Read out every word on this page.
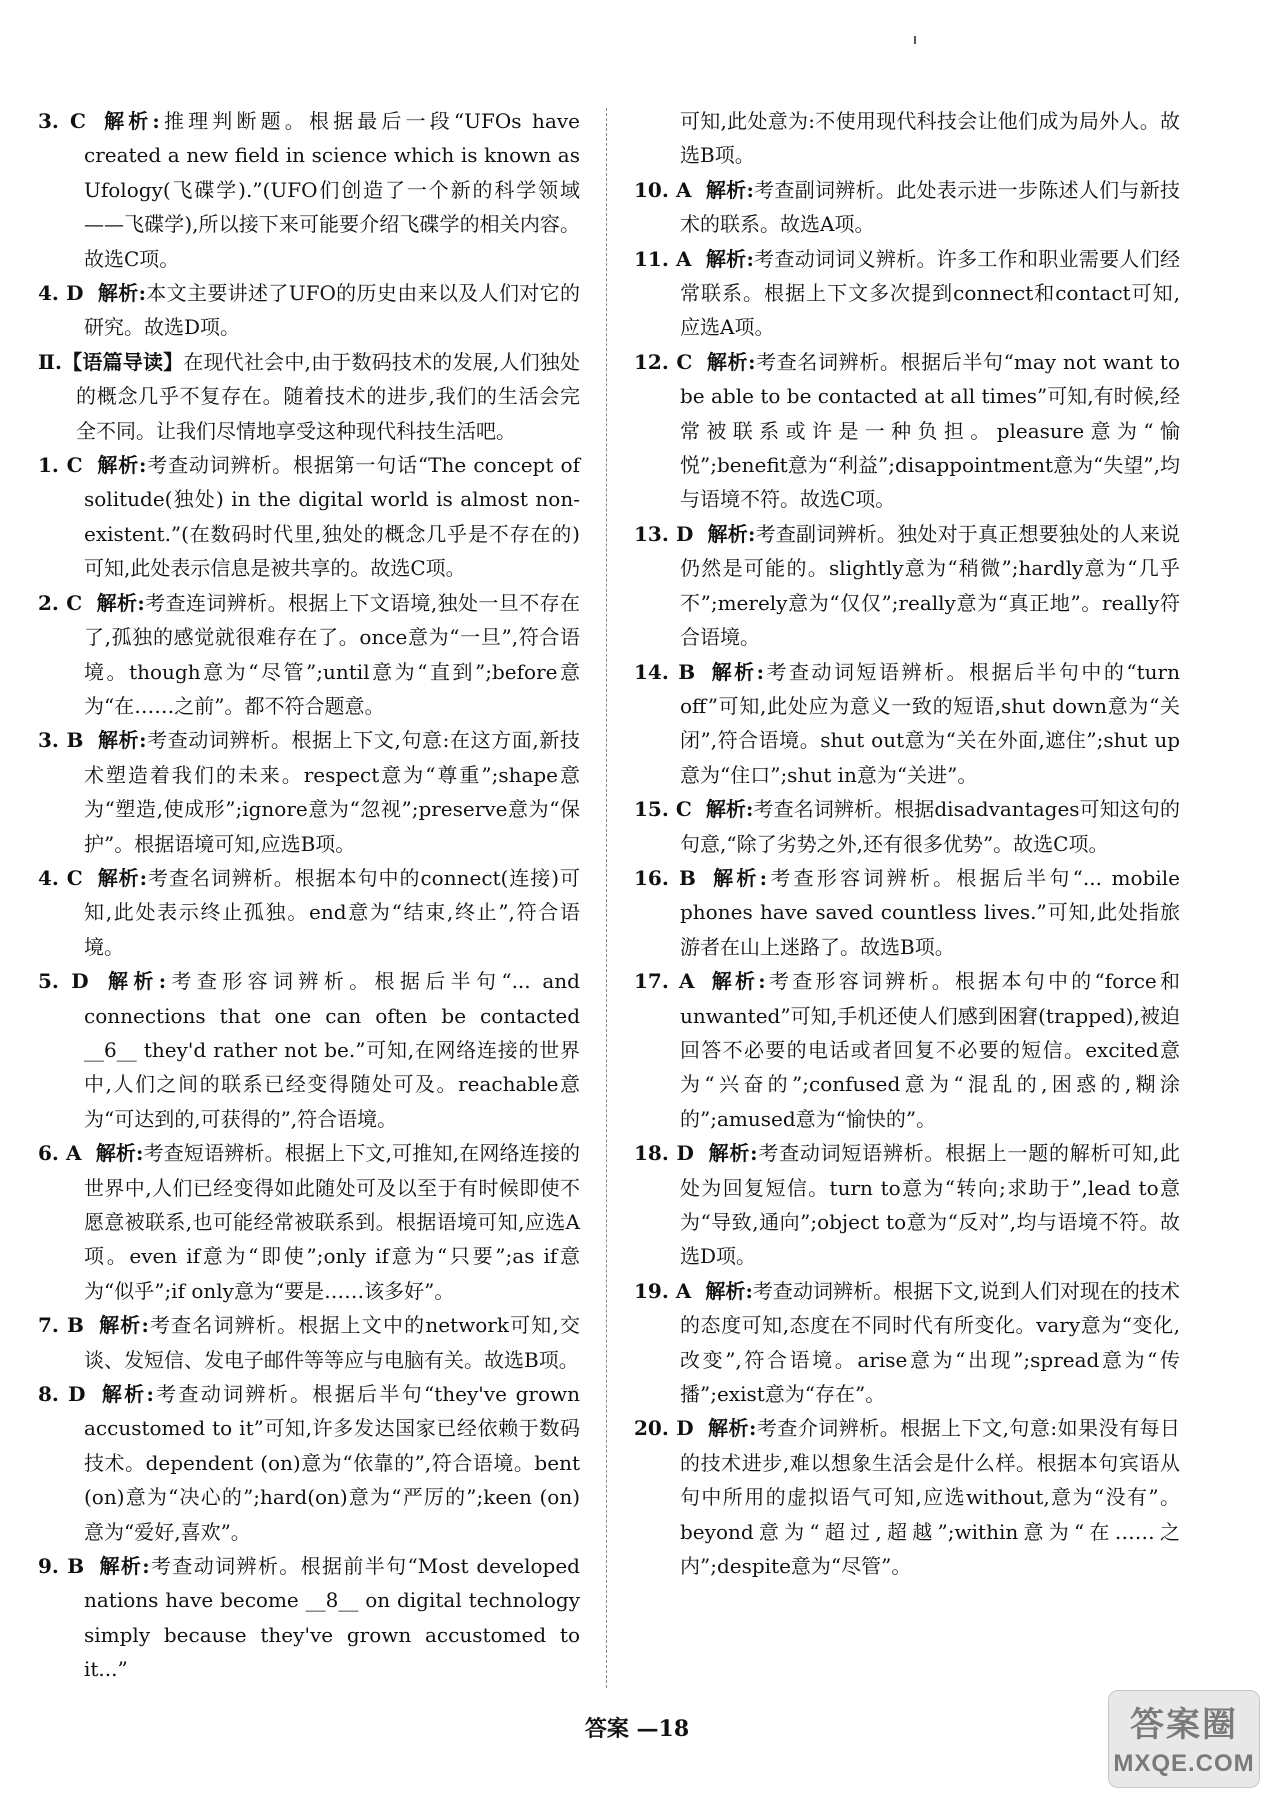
3. C 解析:推理判断题。根据最后一段“UFOs have created a new field in science which is known as Ufology(飞碟学).”(UFO们创造了一个新的科学领域——飞碟学),所以接下来可能要介绍飞碟学的相关内容。故选C项。

4. D 解析:本文主要讲述了UFO的历史由来以及人们对它的研究。故选D项。

Ⅱ.【语篇导读】在现代社会中,由于数码技术的发展,人们独处的概念几乎不复存在。随着技术的进步,我们的生活会完全不同。让我们尽情地享受这种现代科技生活吧。

1. C 解析:考查动词辨析。根据第一句话“The concept of solitude(独处) in the digital world is almost non-existent.”(在数码时代里,独处的概念几乎是不存在的)可知,此处表示信息是被共享的。故选C项。

2. C 解析:考查连词辨析。根据上下文语境,独处一旦不存在了,孤独的感觉就很难存在了。once意为“一旦”,符合语境。though意为“尽管”;until意为“直到”;before意为“在……之前”。都不符合题意。

3. B 解析:考查动词辨析。根据上下文,句意:在这方面,新技术塑造着我们的未来。respect意为“尊重”;shape意为“塑造,使成形”;ignore意为“忽视”;preserve意为“保护”。根据语境可知,应选B项。

4. C 解析:考查名词辨析。根据本句中的connect(连接)可知,此处表示终止孤独。end意为“结束,终止”,符合语境。

5. D 解析:考查形容词辨析。根据后半句“... and connections that one can often be contacted __6__ they'd rather not be.”可知,在网络连接的世界中,人们之间的联系已经变得随处可及。reachable意为“可达到的,可获得的”,符合语境。

6. A 解析:考查短语辨析。根据上下文,可推知,在网络连接的世界中,人们已经变得如此随处可及以至于有时候即使不愿意被联系,也可能经常被联系到。根据语境可知,应选A项。even if意为“即使”;only if意为“只要”;as if意为“似乎”;if only意为“要是……该多好”。

7. B 解析:考查名词辨析。根据上文中的network可知,交谈、发短信、发电子邮件等等应与电脑有关。故选B项。

8. D 解析:考查动词辨析。根据后半句“they've grown accustomed to it”可知,许多发达国家已经依赖于数码技术。dependent (on)意为“依靠的”,符合语境。bent (on)意为“决心的”;hard(on)意为“严厉的”;keen (on)意为“爱好,喜欢”。

9. B 解析:考查动词辨析。根据前半句“Most developed nations have become __8__ on digital technology simply because they've grown accustomed to it...”

可知,此处意为:不使用现代科技会让他们成为局外人。故选B项。

10. A 解析:考查副词辨析。此处表示进一步陈述人们与新技术的联系。故选A项。

11. A 解析:考查动词词义辨析。许多工作和职业需要人们经常联系。根据上下文多次提到connect和contact可知,应选A项。

12. C 解析:考查名词辨析。根据后半句“may not want to be able to be contacted at all times”可知,有时候,经常被联系或许是一种负担。pleasure意为“愉悦”;benefit意为“利益”;disappointment意为“失望”,均与语境不符。故选C项。

13. D 解析:考查副词辨析。独处对于真正想要独处的人来说仍然是可能的。slightly意为“稍微”;hardly意为“几乎不”;merely意为“仅仅”;really意为“真正地”。really符合语境。

14. B 解析:考查动词短语辨析。根据后半句中的“turn off”可知,此处应为意义一致的短语,shut down意为“关闭”,符合语境。shut out意为“关在外面,遮住”;shut up意为“住口”;shut in意为“关进”。

15. C 解析:考查名词辨析。根据disadvantages可知这句的句意,“除了劣势之外,还有很多优势”。故选C项。

16. B 解析:考查形容词辨析。根据后半句“... mobile phones have saved countless lives.”可知,此处指旅游者在山上迷路了。故选B项。

17. A 解析:考查形容词辨析。根据本句中的“force和unwanted”可知,手机还使人们感到困窘(trapped),被迫回答不必要的电话或者回复不必要的短信。excited意为“兴奋的”;confused意为“混乱的,困惑的,糊涂的”;amused意为“愉快的”。

18. D 解析:考查动词短语辨析。根据上一题的解析可知,此处为回复短信。turn to意为“转向;求助于”,lead to意为“导致,通向”;object to意为“反对”,均与语境不符。故选D项。

19. A 解析:考查动词辨析。根据下文,说到人们对现在的技术的态度可知,态度在不同时代有所变化。vary意为“变化,改变”,符合语境。arise意为“出现”;spread意为“传播”;exist意为“存在”。

20. D 解析:考查介词辨析。根据上下文,句意:如果没有每日的技术进步,难以想象生活会是什么样。根据本句宾语从句中所用的虚拟语气可知,应选without,意为“没有”。beyond意为“超过,超越”;within意为“在……之内”;despite意为“尽管”。

答案 —18	答案圈
MXQE.COM
